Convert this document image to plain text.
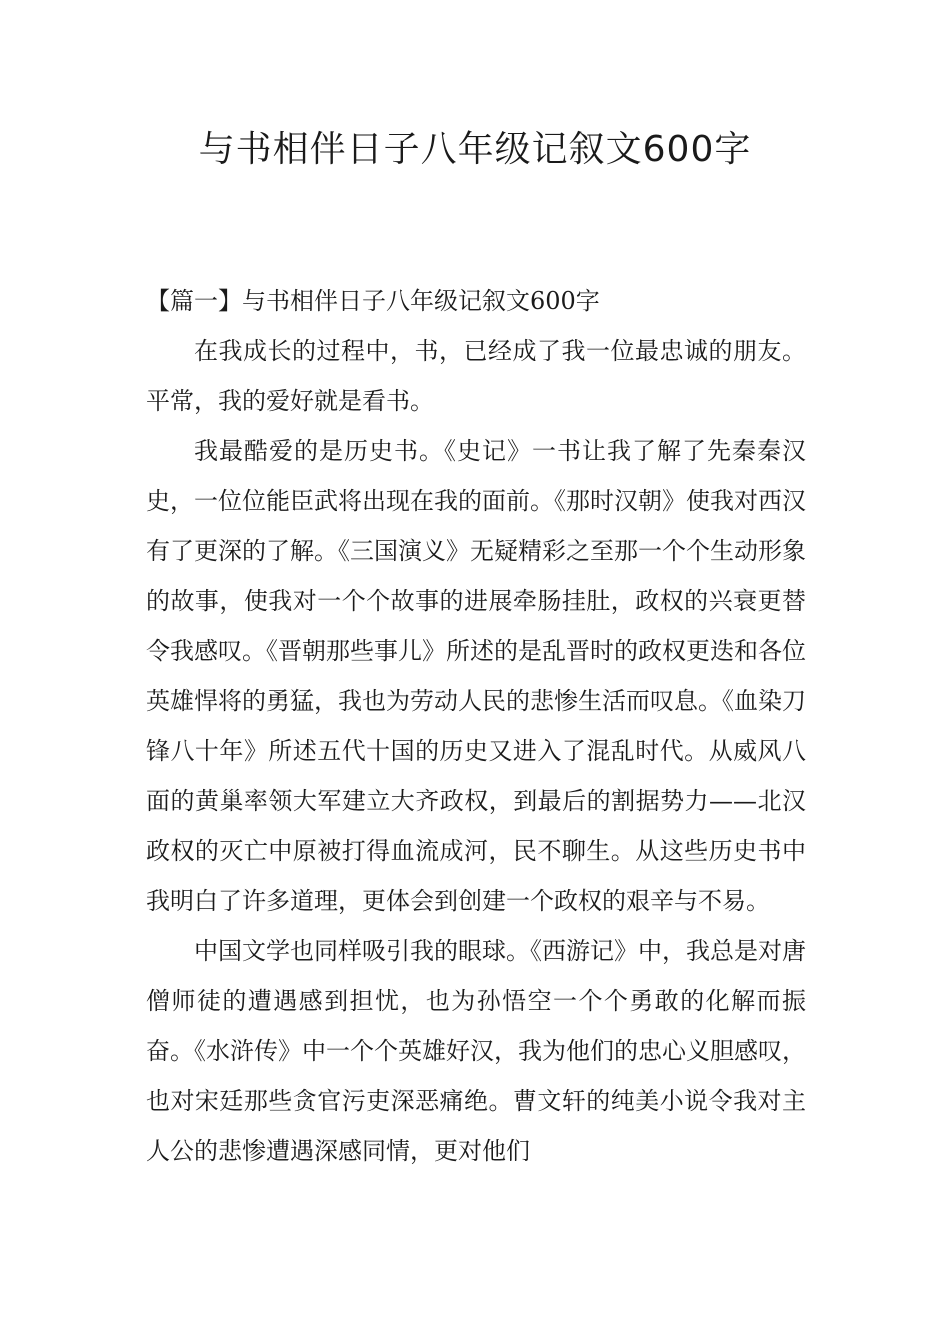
与书相伴日子八年级记叙文600字

【篇一】与书相伴日子八年级记叙文600字

在我成长的过程中，书，已经成了我一位最忠诚的朋友。平常，我的爱好就是看书。

我最酷爱的是历史书。《史记》一书让我了解了先秦秦汉史，一位位能臣武将出现在我的面前。《那时汉朝》使我对西汉有了更深的了解。《三国演义》无疑精彩之至那一个个生动形象的故事，使我对一个个故事的进展牵肠挂肚，政权的兴衰更替令我感叹。《晋朝那些事儿》所述的是乱晋时的政权更迭和各位英雄悍将的勇猛，我也为劳动人民的悲惨生活而叹息。《血染刀锋八十年》所述五代十国的历史又进入了混乱时代。从威风八面的黄巢率领大军建立大齐政权，到最后的割据势力——北汉政权的灭亡中原被打得血流成河，民不聊生。从这些历史书中我明白了许多道理，更体会到创建一个政权的艰辛与不易。

中国文学也同样吸引我的眼球。《西游记》中，我总是对唐僧师徒的遭遇感到担忧，也为孙悟空一个个勇敢的化解而振奋。《水浒传》中一个个英雄好汉，我为他们的忠心义胆感叹，也对宋廷那些贪官污吏深恶痛绝。曹文轩的纯美小说令我对主人公的悲惨遭遇深感同情，更对他们
